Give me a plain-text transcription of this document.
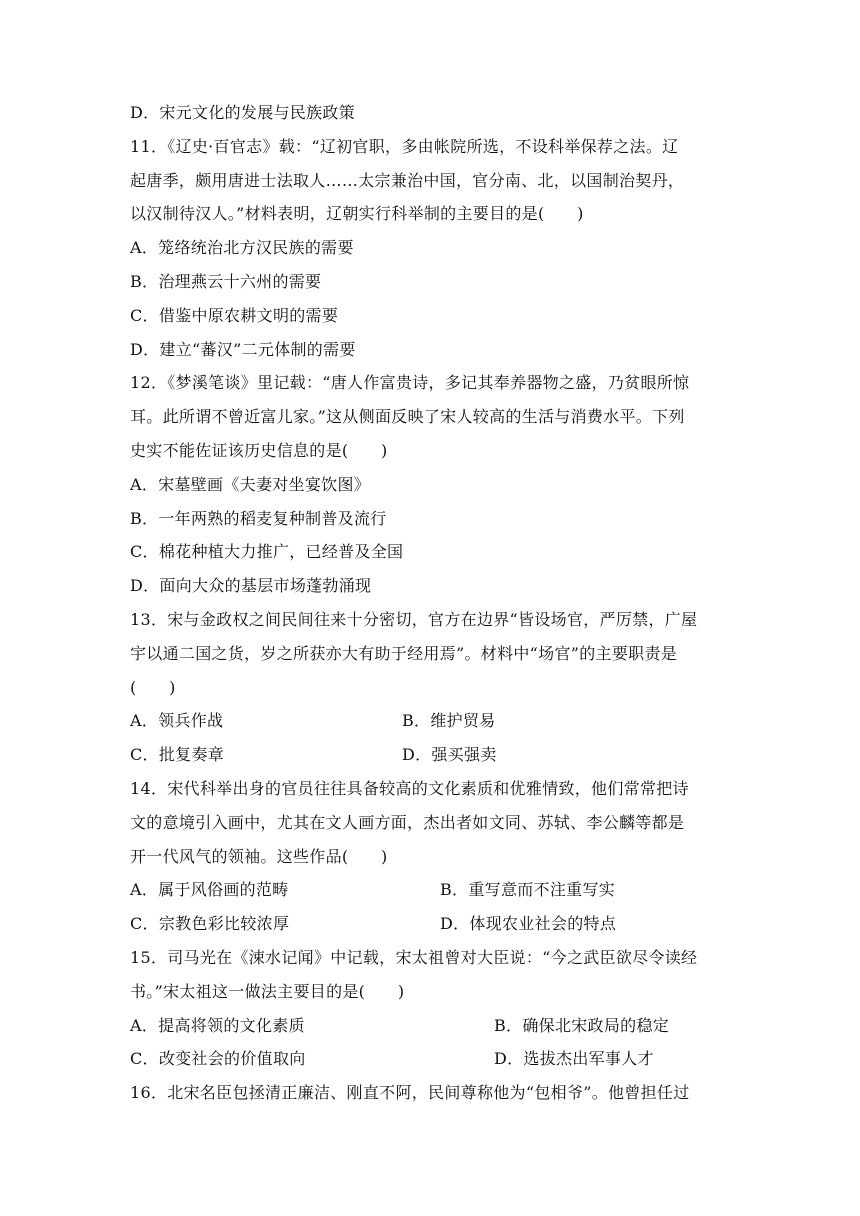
D．宋元文化的发展与民族政策
11．《辽史·百官志》载：“辽初官职，多由帐院所选，不设科举保荐之法。辽
起唐季，颇用唐进士法取人……太宗兼治中国，官分南、北，以国制治契丹，
以汉制待汉人。”材料表明，辽朝实行科举制的主要目的是(　　)
A．笼络统治北方汉民族的需要
B．治理燕云十六州的需要
C．借鉴中原农耕文明的需要
D．建立“蕃汉”二元体制的需要
12．《梦溪笔谈》里记载：“唐人作富贵诗，多记其奉养器物之盛，乃贫眼所惊
耳。此所谓不曾近富儿家。”这从侧面反映了宋人较高的生活与消费水平。下列
史实不能佐证该历史信息的是(　　)
A．宋墓壁画《夫妻对坐宴饮图》
B．一年两熟的稻麦复种制普及流行
C．棉花种植大力推广，已经普及全国
D．面向大众的基层市场蓬勃涌现
13．宋与金政权之间民间往来十分密切，官方在边界“皆设场官，严厉禁，广屋
宇以通二国之货，岁之所获亦大有助于经用焉”。材料中“场官”的主要职责是
(　　)
A．领兵作战	B．维护贸易
C．批复奏章	D．强买强卖
14．宋代科举出身的官员往往具备较高的文化素质和优雅情致，他们常常把诗
文的意境引入画中，尤其在文人画方面，杰出者如文同、苏轼、李公麟等都是
开一代风气的领袖。这些作品(　　)
A．属于风俗画的范畴	B．重写意而不注重写实
C．宗教色彩比较浓厚	D．体现农业社会的特点
15．司马光在《涑水记闻》中记载，宋太祖曾对大臣说：“今之武臣欲尽令读经
书。”宋太祖这一做法主要目的是(　　)
A．提高将领的文化素质	B．确保北宋政局的稳定
C．改变社会的价值取向	D．选拔杰出军事人才
16．北宋名臣包拯清正廉洁、刚直不阿，民间尊称他为“包相爷”。他曾担任过
